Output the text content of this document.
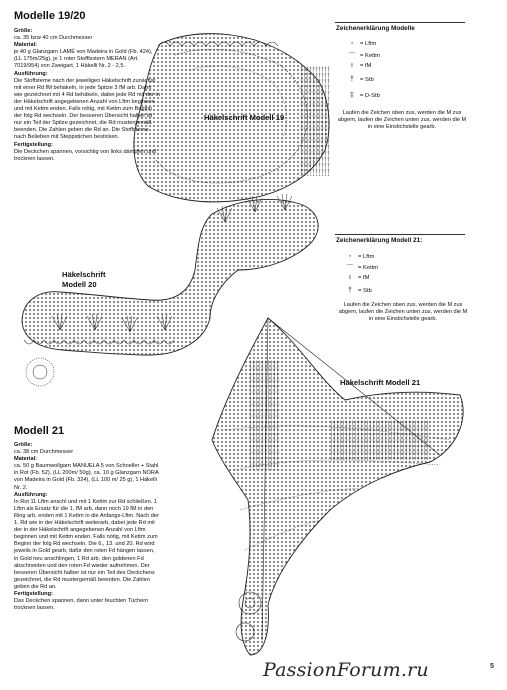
Modelle 19/20

Größe:

ca. 35 bzw 40 cm Durchmesser

Material:

je 40 g Glanzgarn LAMÉ von Madeira in Gold (Fb. 424), (LL 175m/25g), je 1 roter Stofflsstern MERAN (Art. 7019/954) von Zweigart, 1 Häkelli Nr. 2 - 2,5.

Ausführung:

Die Stoffsterne nach der jeweiligen Häkelschrift zunächst mit einer Rd fM behäkeln, in jede Spitze 3 fM arb. Dann wie gezeichnet mit 4 Rd behäkeln, dabei jede Rd mit der in der Häkelschrift angegebenen Anzahl von Lftm beginnen und mit Kettm enden. Falls nötig, mit Kettm zum Beginn der folg Rd wechseln. Der besseren Übersicht halber ist nur ein Teil der Spitze gezeichnet, die Rd mustergemäß beenden. Die Zahlen geben die Rd an. Die Stoffsterne nach Belieben mit Steppstichen besticken.

Fertigstellung:

Die Deckchen spannen, vorsichtig von links dämpfen und trocknen lassen.

Modell 21

Größe:

ca. 38 cm Durchmesser

Material:

ca. 50 g Baumwollgarn MANUELA 5 von Schoeller + Stahl in Rot (Fb. 52), (LL 200m/ 50g), ca. 10 g Glanzgarn NORA von Madeira in Gold (Fb. 324), (LL 100 m/ 25 g), 1 Häkelli Nr. 2.

Ausführung:

In Rot 11 Lftm anschl und mit 1 Kettm zur Rd schließen. 1 Lftm als Ersatz für die 1. fM arb, dann noch 19 fM in den Ring arb, enden mit 1 Kettm in die Anfangs-Lftm. Nach der 1. Rd wie in der Häkelschrift weiterarb, dabei jede Rd mit der in der Häkelschrift angegebenen Anzahl von Lftm beginnen und mit Kettm enden. Falls nötig, mit Kettm zum Beginn der folg Rd wechseln. Die 6., 13. und 20. Rd wird jeweils in Gold gearb, dafür den roten Fd hängen lassen, in Gold neu anschlingen, 1 Rd arb, den goldenen Fd abschneiden und den roten Fd wieder aufnehmen. Der besseren Übersicht halber ist nur ein Teil des Deckchens gezeichnet, die Rd mustergemäß beenden. Die Zahlen geben die Rd an.

Fertigstellung:

Das Deckchen spannen, dann unter feuchten Tüchern trocknen lassen.

Häkelschrift Modell 19
Häkelschrift
Modell 20
Häkelschrift Modell 21
Zeichenerklärung Modelle
◦	= Lftm
⌒ = Kettm
ı	= fM
†	= Stb
‡	= D-Stb
Laufen die Zeichen oben zus, werden die M zus abgem, laufen die Zeichen unten zus, werden die M in eine Einstichstelle gearb.
Zeichenerklärung Modell 21:
◦	= Lftm
⌒ = Kettm
ı	= fM
†	= Stb
Laufen die Zeichen oben zus, werden die M zus abgem, laufen die Zeichen unten zus, werden die M in eine Einstichstelle gearb.
PassionForum.ru	5
